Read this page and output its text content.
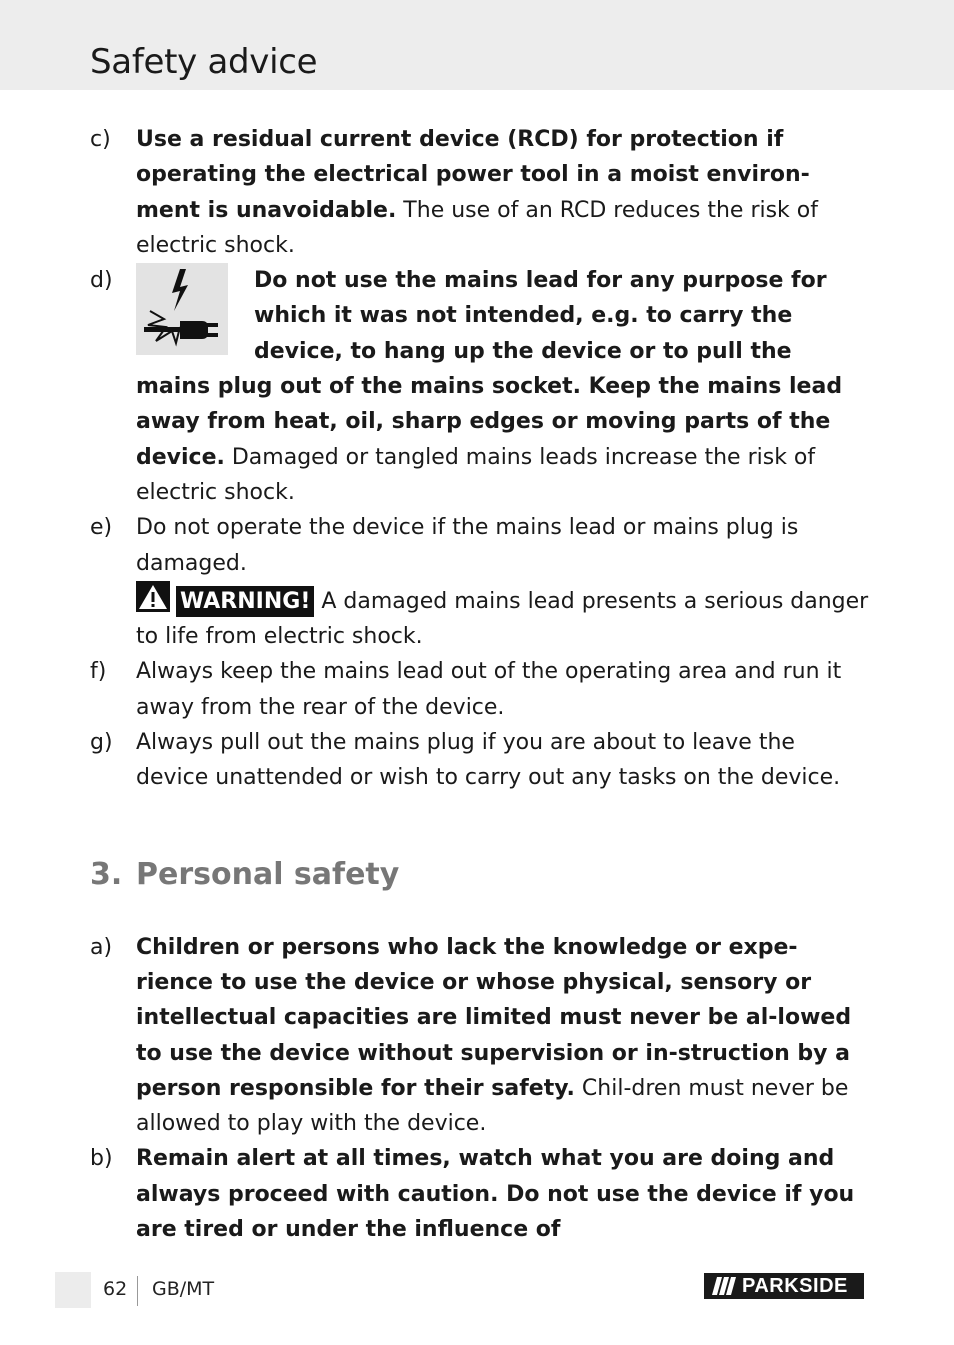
Safety advice
c) Use a residual current device (RCD) for protection if operating the electrical power tool in a moist environ-ment is unavoidable. The use of an RCD reduces the risk of electric shock.

d)	Do not use the mains lead for any purpose for which it was not intended, e.g. to carry the device, to hang up the device or to pull the mains plug out of the mains socket. Keep the mains lead away from heat, oil, sharp edges or moving parts of the device. Damaged or tangled mains leads increase the risk of electric shock.

e) Do not operate the device if the mains lead or mains plug is damaged.

WARNING! A damaged mains lead presents a serious danger to life from electric shock.

f) Always keep the mains lead out of the operating area and run it away from the rear of the device.

g) Always pull out the mains plug if you are about to leave the device unattended or wish to carry out any tasks on the device.

3. Personal safety
a) Children or persons who lack the knowledge or expe-rience to use the device or whose physical, sensory or intellectual capacities are limited must never be al-lowed to use the device without supervision or in-struction by a person responsible for their safety. Chil-dren must never be allowed to play with the device.

b) Remain alert at all times, watch what you are doing and always proceed with caution. Do not use the device if you are tired or under the influence of

62 GB/MT	PARKSIDE
